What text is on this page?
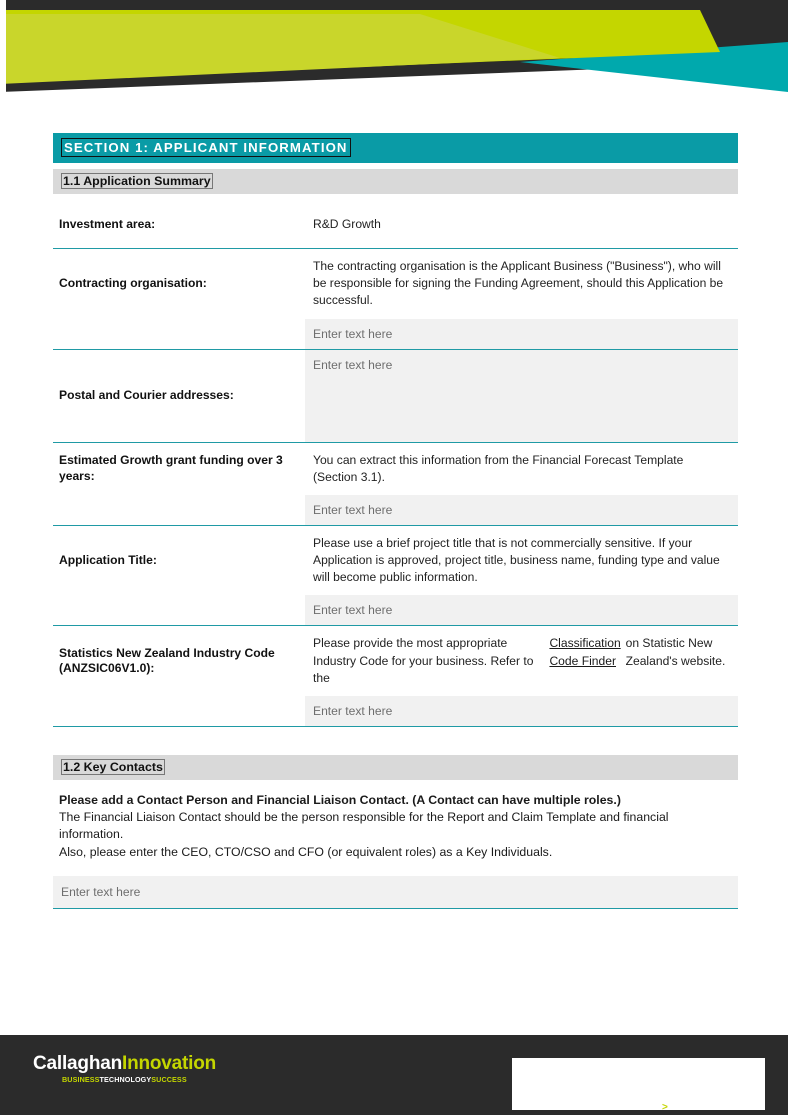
SECTION 1: APPLICANT INFORMATION
1.1 Application Summary
Investment area:	R&D Growth
Contracting organisation:
The contracting organisation is the Applicant Business ("Business"), who will be responsible for signing the Funding Agreement, should this Application be successful.
Enter text here
Postal and Courier addresses:
Enter text here
Estimated Growth grant funding over 3 years:
You can extract this information from the Financial Forecast Template (Section 3.1).
Enter text here
Application Title:
Please use a brief project title that is not commercially sensitive. If your Application is approved, project title, business name, funding type and value will become public information.
Enter text here
Statistics New Zealand Industry Code (ANZSIC06V1.0):
Please provide the most appropriate Industry Code for your business. Refer to the
Classification Code Finder
on Statistic New Zealand's website.
Enter text here
1.2 Key Contacts
Please add a Contact Person and Financial Liaison Contact. (A Contact can have multiple roles.)
The Financial Liaison Contact should be the person responsible for the Report and Claim Template and financial information.
Also, please enter the CEO, CTO/CSO and CFO (or equivalent roles) as a Key Individuals.
Enter text here
CallaghanInnovation
BUSINESSTECHNOLOGYSUCCESS
>
